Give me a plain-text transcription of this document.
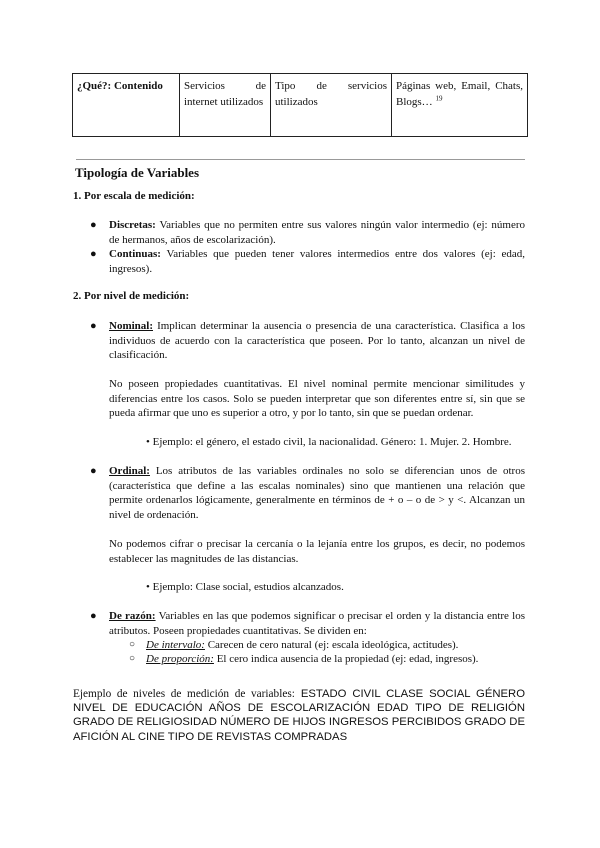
¿Qué?: Contenido	Servicios de internet utilizados	Tipo de servicios utilizados	Páginas web, Email, Chats, Blogs… $^{19}$
Tipología de Variables
1. Por escala de medición:
● Discretas: Variables que no permiten entre sus valores ningún valor intermedio (ej: número de hermanos, años de escolarización).
● Continuas: Variables que pueden tener valores intermedios entre dos valores (ej: edad, ingresos).
2. Por nivel de medición:
● Nominal: Implican determinar la ausencia o presencia de una característica. Clasifica a los individuos de acuerdo con la característica que poseen. Por lo tanto, alcanzan un nivel de clasificación.
No poseen propiedades cuantitativas. El nivel nominal permite mencionar similitudes y diferencias entre los casos. Solo se pueden interpretar que son diferentes entre sí, sin que se pueda afirmar que uno es superior a otro, y por lo tanto, sin que se puedan ordenar.
• Ejemplo: el género, el estado civil, la nacionalidad. Género: 1. Mujer. 2. Hombre.
● Ordinal: Los atributos de las variables ordinales no solo se diferencian unos de otros (característica que define a las escalas nominales) sino que mantienen una relación que permite ordenarlos lógicamente, generalmente en términos de + o – o de > y <. Alcanzan un nivel de ordenación.
No podemos cifrar o precisar la cercanía o la lejanía entre los grupos, es decir, no podemos establecer las magnitudes de las distancias.
• Ejemplo: Clase social, estudios alcanzados.
● De razón: Variables en las que podemos significar o precisar el orden y la distancia entre los atributos. Poseen propiedades cuantitativas. Se dividen en:
○ De intervalo: Carecen de cero natural (ej: escala ideológica, actitudes).
○ De proporción: El cero indica ausencia de la propiedad (ej: edad, ingresos).
Ejemplo de niveles de medición de variables: ESTADO CIVIL CLASE SOCIAL GÉNERO NIVEL DE EDUCACIÓN AÑOS DE ESCOLARIZACIÓN EDAD TIPO DE RELIGIÓN GRADO DE RELIGIOSIDAD NÚMERO DE HIJOS INGRESOS PERCIBIDOS GRADO DE AFICIÓN AL CINE TIPO DE REVISTAS COMPRADAS
